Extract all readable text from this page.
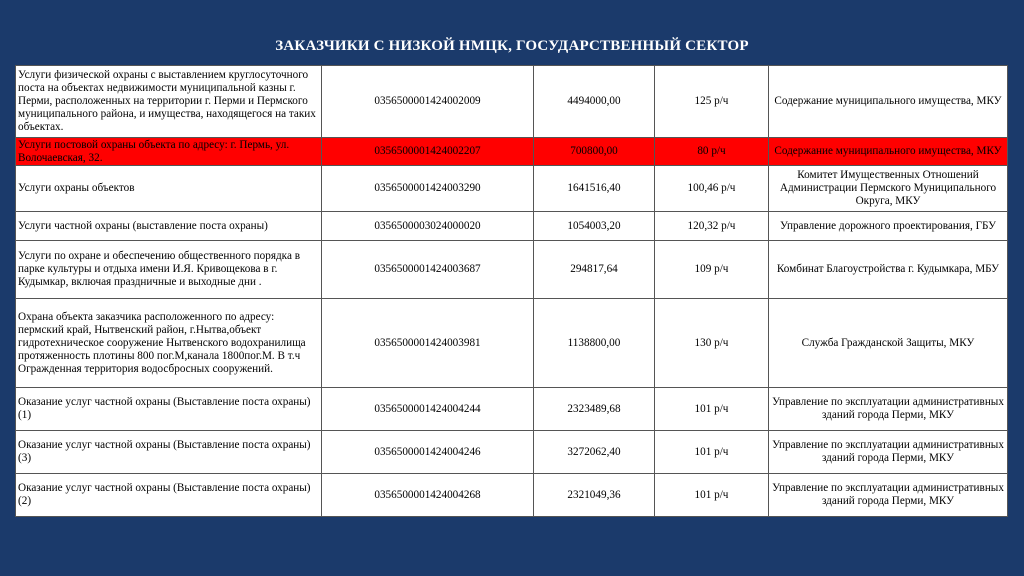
ЗАКАЗЧИКИ С НИЗКОЙ НМЦК, ГОСУДАРСТВЕННЫЙ СЕКТОР
Услуги физической охраны с выставлением круглосуточного поста на объектах недвижимости муниципальной казны г. Перми, расположенных на территории г. Перми и Пермского муниципального района, и имущества, находящегося на таких объектах.	0356500001424002009	4494000,00	125 р/ч	Содержание муниципального имущества, МКУ
Услуги постовой охраны объекта по адресу: г. Пермь, ул. Волочаевская, 32.	0356500001424002207	700800,00	80 р/ч	Содержание муниципального имущества, МКУ
Услуги охраны объектов	0356500001424003290	1641516,40	100,46 р/ч	Комитет Имущественных Отношений Администрации Пермского Муниципального Округа, МКУ
Услуги частной охраны (выставление поста охраны)	0356500003024000020	1054003,20	120,32 р/ч	Управление дорожного проектирования, ГБУ
Услуги по охране и обеспечению общественного порядка в парке культуры и отдыха имени И.Я. Кривощекова в г. Кудымкар, включая праздничные и выходные дни .	0356500001424003687	294817,64	109 р/ч	Комбинат Благоустройства г. Кудымкара, МБУ
Охрана объекта заказчика расположенного по адресу: пермский край, Нытвенский район, г.Нытва,объект гидротехническое сооружение Нытвенского водохранилища протяженность плотины 800 пог.М,канала 1800пог.М. В т.ч Огражденная территория водосбросных сооружений.	0356500001424003981	1138800,00	130 р/ч	Служба Гражданской Защиты, МКУ
Оказание услуг частной охраны (Выставление поста охраны)(1)	0356500001424004244	2323489,68	101 р/ч	Управление по эксплуатации административных зданий города Перми, МКУ
Оказание услуг частной охраны (Выставление поста охраны)(3)	0356500001424004246	3272062,40	101 р/ч	Управление по эксплуатации административных зданий города Перми, МКУ
Оказание услуг частной охраны (Выставление поста охраны)(2)	0356500001424004268	2321049,36	101 р/ч	Управление по эксплуатации административных зданий города Перми, МКУ
